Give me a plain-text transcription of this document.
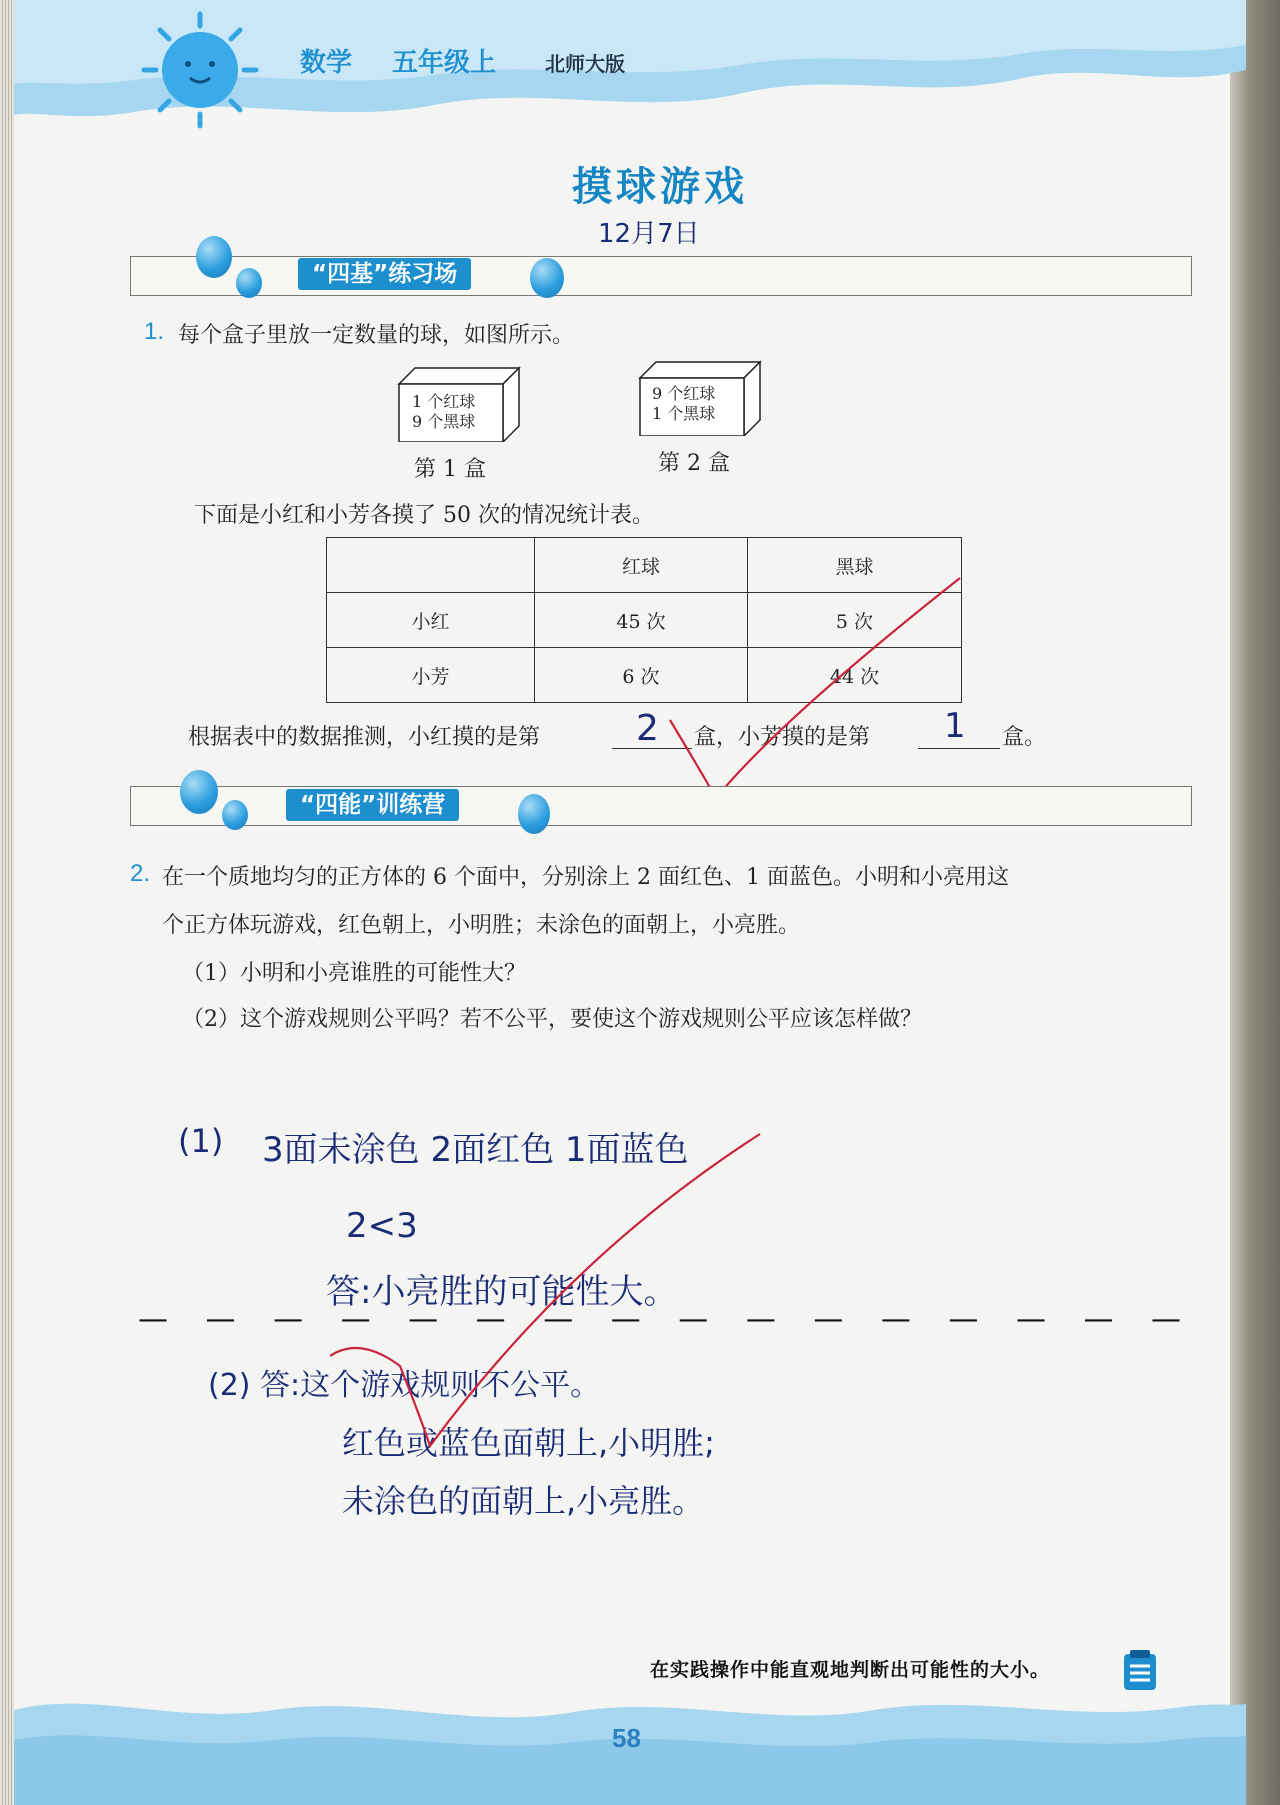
数学 五年级上 北师大版
摸球游戏
12月7日
“四基”练习场
1. 每个盒子里放一定数量的球，如图所示。
1 个红球
9 个黑球
第 1 盒
9 个红球
1 个黑球
第 2 盒
下面是小红和小芳各摸了 50 次的情况统计表。
	红球	黑球
小红	45 次	5 次
小芳	6 次	44 次
根据表中的数据推测，小红摸的是第	2 盒，小芳摸的是第 1 盒。
“四能”训练营
2. 在一个质地均匀的正方体的 6 个面中，分别涂上 2 面红色、1 面蓝色。小明和小亮用这
个正方体玩游戏，红色朝上，小明胜；未涂色的面朝上，小亮胜。
（1）小明和小亮谁胜的可能性大？
（2）这个游戏规则公平吗？若不公平，要使这个游戏规则公平应该怎样做？
(1) 3面未涂色 2面红色 1面蓝色
2<3
答:小亮胜的可能性大。
— — — — — — — — — — — — — — — —
(2) 答:这个游戏规则不公平。
红色或蓝色面朝上,小明胜;
未涂色的面朝上,小亮胜。
在实践操作中能直观地判断出可能性的大小。
58
